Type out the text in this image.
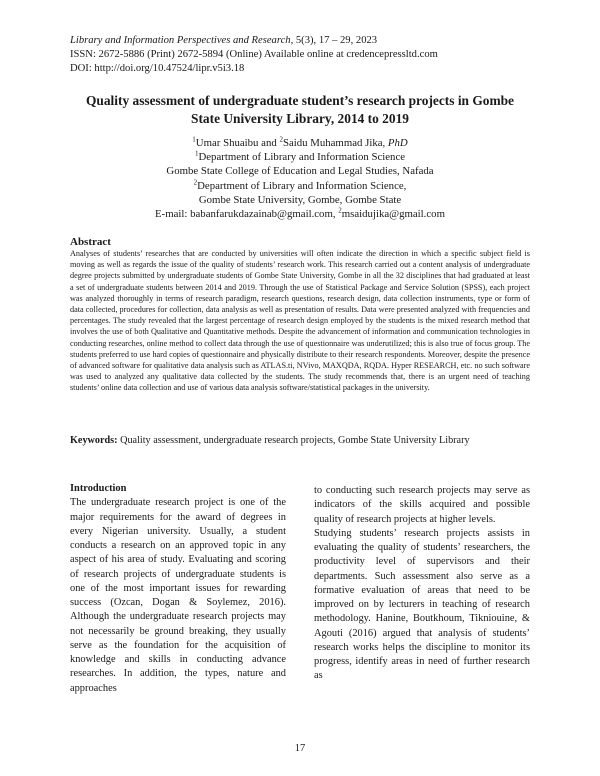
Library and Information Perspectives and Research, 5(3), 17 – 29, 2023
ISSN: 2672-5886 (Print) 2672-5894 (Online) Available online at credencepressltd.com
DOI: http://doi.org/10.47524/lipr.v5i3.18
Quality assessment of undergraduate student’s research projects in Gombe State University Library, 2014 to 2019
$^1$Umar Shuaibu and $^2$Saidu Muhammad Jika, PhD
$^1$Department of Library and Information Science
Gombe State College of Education and Legal Studies, Nafada
$^2$Department of Library and Information Science,
Gombe State University, Gombe, Gombe State
E-mail: babanfarukdazainab@gmail.com, $^2$msaidujika@gmail.com
Abstract
Analyses of students’ researches that are conducted by universities will often indicate the direction in which a specific subject field is moving as well as regards the issue of the quality of students’ research work. This research carried out a content analysis of undergraduate degree projects submitted by undergraduate students of Gombe State University, Gombe in all the 32 disciplines that had graduated at least a set of undergraduate students between 2014 and 2019. Through the use of Statistical Package and Service Solution (SPSS), each project was analyzed thoroughly in terms of research paradigm, research questions, research design, data collection instruments, type or form of data collected, procedures for collection, data analysis as well as presentation of results. Data were presented analyzed with frequencies and percentages. The study revealed that the largest percentage of research design employed by the students is the mixed research method that involves the use of both Qualitative and Quantitative methods. Despite the advancement of information and communication technologies in conducting researches, online method to collect data through the use of questionnaire was underutilized; this is also true of focus group. The students preferred to use hard copies of questionnaire and physically distribute to their research respondents. Moreover, despite the presence of advanced software for qualitative data analysis such as ATLAS.ti, NVivo, MAXQDA, RQDA. Hyper RESEARCH, etc. no such software was used to analyzed any qualitative data collected by the students. The study recommends that, there is an urgent need of teaching students’ online data collection and use of various data analysis software/statistical packages in the university.
Keywords: Quality assessment, undergraduate research projects, Gombe State University Library
Introduction

The undergraduate research project is one of the major requirements for the award of degrees in every Nigerian university. Usually, a student conducts a research on an approved topic in any aspect of his area of study. Evaluating and scoring of research projects of undergraduate students is one of the most important issues for rewarding success (Ozcan, Dogan & Soylemez, 2016). Although the undergraduate research projects may not necessarily be ground breaking, they usually serve as the foundation for the acquisition of knowledge and skills in conducting advance researches. In addition, the types, nature and approaches

to conducting such research projects may serve as indicators of the skills acquired and possible quality of research projects at higher levels.

Studying students’ research projects assists in evaluating the quality of students’ researchers, the productivity level of supervisors and their departments. Such assessment also serve as a formative evaluation of areas that need to be improved on by lecturers in teaching of research methodology. Hanine, Boutkhoum, Tikniouine, & Agouti (2016) argued that analysis of students’ research works helps the discipline to monitor its progress, identify areas in need of further research as

17
